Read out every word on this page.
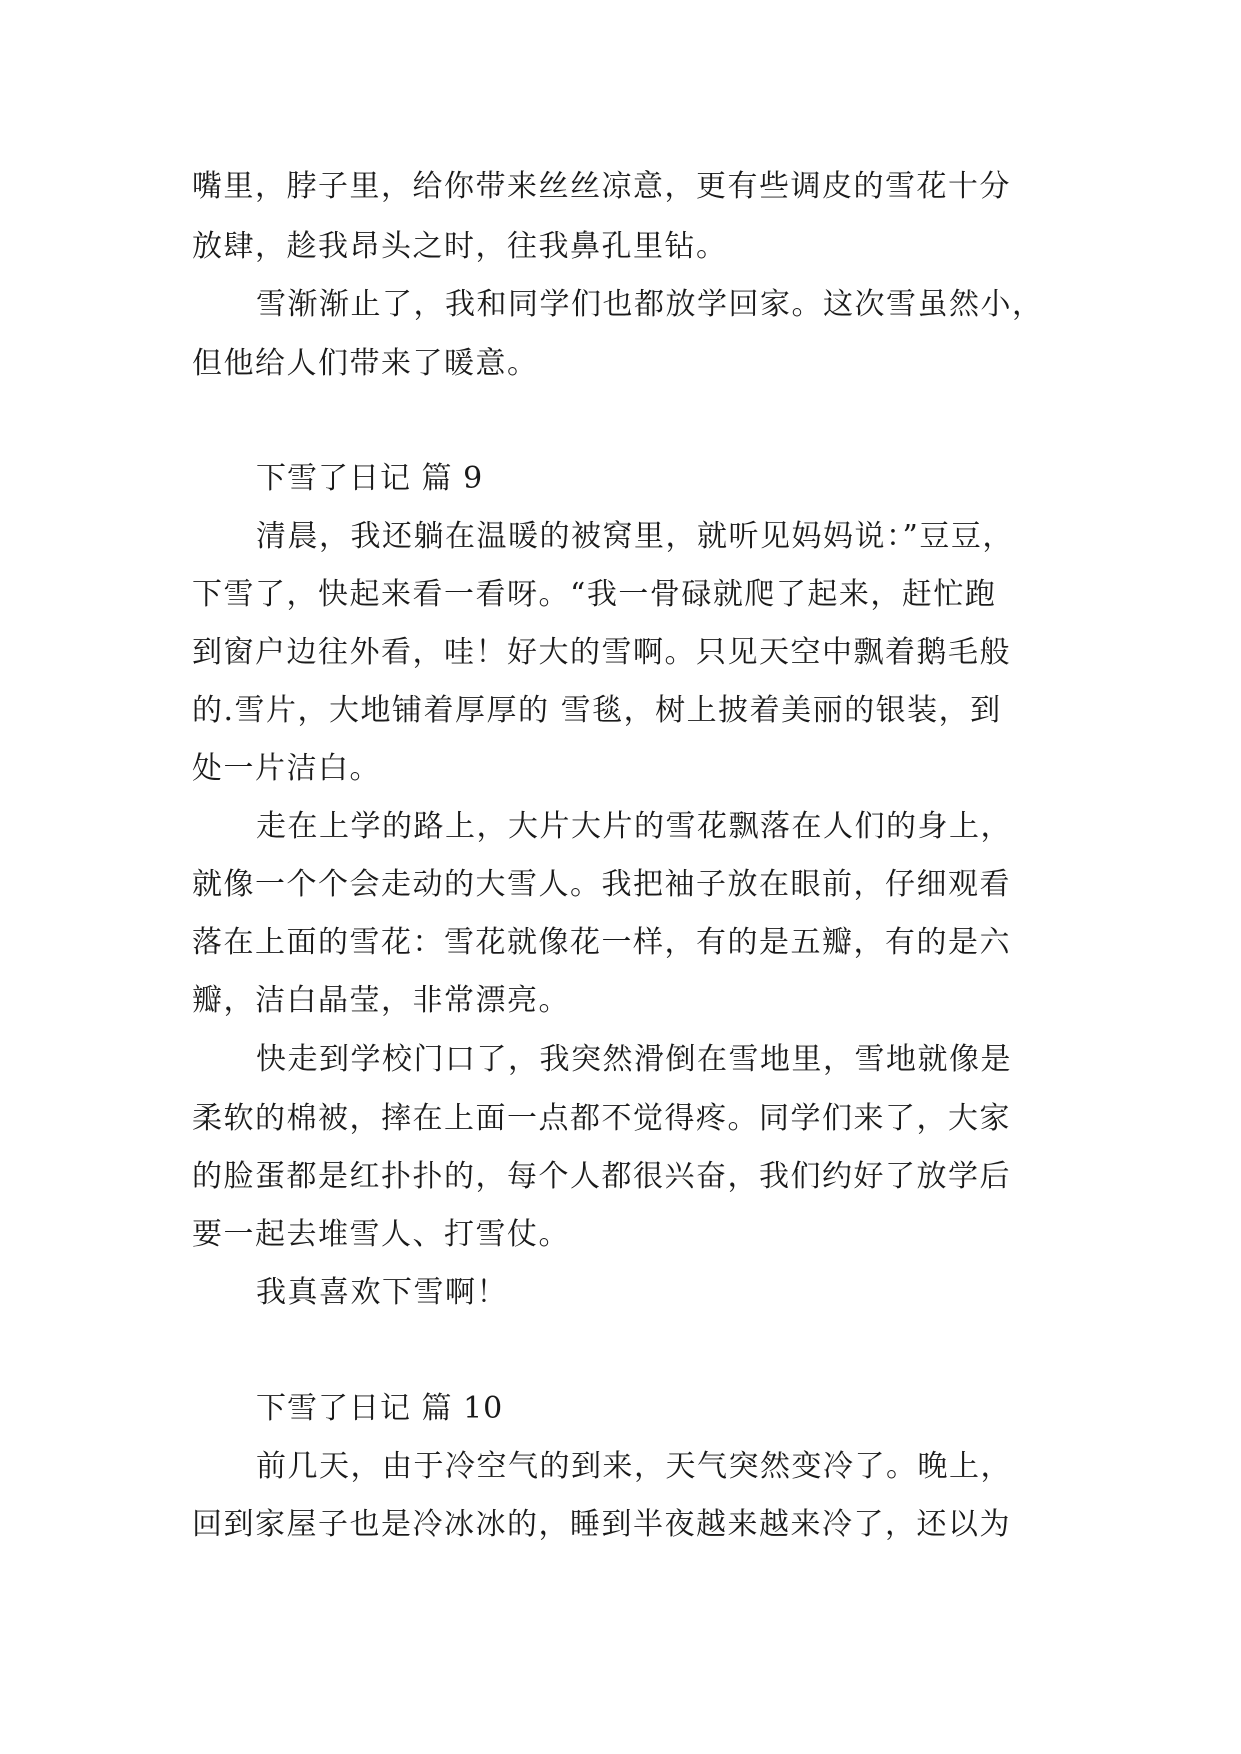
嘴里，脖子里，给你带来丝丝凉意，更有些调皮的雪花十分
放肆，趁我昂头之时，往我鼻孔里钻。
雪渐渐止了，我和同学们也都放学回家。这次雪虽然小，
但他给人们带来了暖意。
下雪了日记 篇 9
清晨，我还躺在温暖的被窝里，就听见妈妈说：”豆豆，
下雪了，快起来看一看呀。“我一骨碌就爬了起来，赶忙跑
到窗户边往外看，哇！好大的雪啊。只见天空中飘着鹅毛般
的.雪片，大地铺着厚厚的 雪毯，树上披着美丽的银装，到
处一片洁白。
走在上学的路上，大片大片的雪花飘落在人们的身上，
就像一个个会走动的大雪人。我把袖子放在眼前，仔细观看
落在上面的雪花：雪花就像花一样，有的是五瓣，有的是六
瓣，洁白晶莹，非常漂亮。
快走到学校门口了，我突然滑倒在雪地里，雪地就像是
柔软的棉被，摔在上面一点都不觉得疼。同学们来了，大家
的脸蛋都是红扑扑的，每个人都很兴奋，我们约好了放学后
要一起去堆雪人、打雪仗。
我真喜欢下雪啊！
下雪了日记 篇 10
前几天，由于冷空气的到来，天气突然变冷了。晚上，
回到家屋子也是冷冰冰的，睡到半夜越来越来冷了，还以为
